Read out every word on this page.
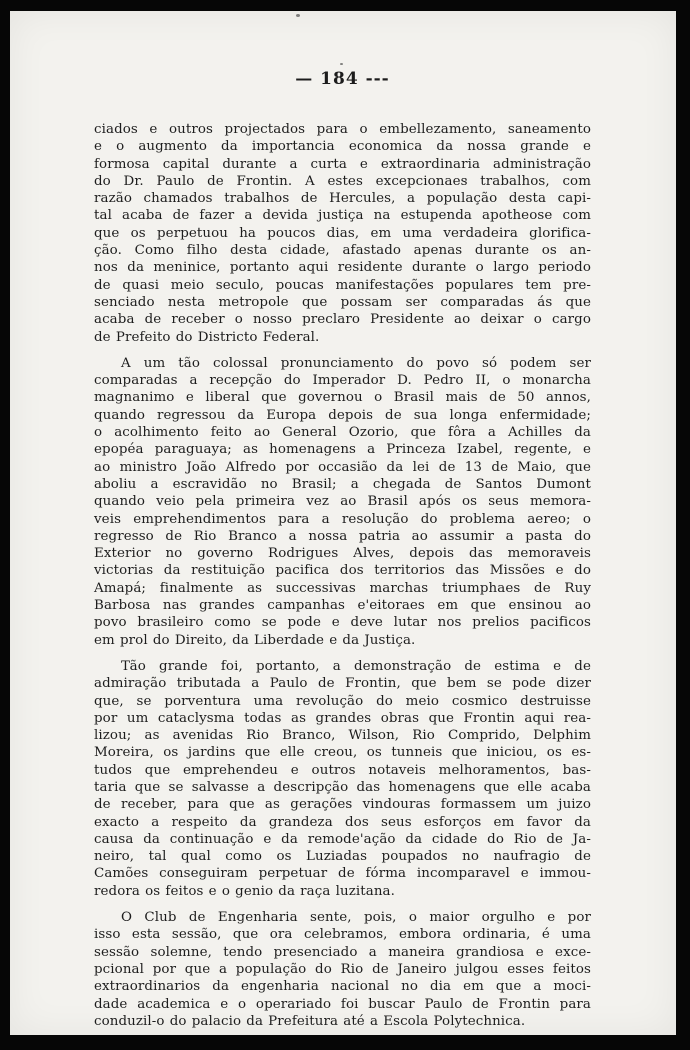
— 184 ---
ciados e outros projectados para o embellezamento, saneamento
e o augmento da importancia economica da nossa grande e
formosa capital durante a curta e extraordinaria administração
do Dr. Paulo de Frontin. A estes excepcionaes trabalhos, com
razão chamados trabalhos de Hercules, a população desta capi-
tal acaba de fazer a devida justiça na estupenda apotheose com
que os perpetuou ha poucos dias, em uma verdadeira glorifica-
ção. Como filho desta cidade, afastado apenas durante os an-
nos da meninice, portanto aqui residente durante o largo periodo
de quasi meio seculo, poucas manifestações populares tem pre-
senciado nesta metropole que possam ser comparadas ás que
acaba de receber o nosso preclaro Presidente ao deixar o cargo
de Prefeito do Districto Federal.
A um tão colossal pronunciamento do povo só podem ser
comparadas a recepção do Imperador D. Pedro II, o monarcha
magnanimo e liberal que governou o Brasil mais de 50 annos,
quando regressou da Europa depois de sua longa enfermidade;
o acolhimento feito ao General Ozorio, que fôra a Achilles da
epopéa paraguaya; as homenagens a Princeza Izabel, regente, e
ao ministro João Alfredo por occasião da lei de 13 de Maio, que
aboliu a escravidão no Brasil; a chegada de Santos Dumont
quando veio pela primeira vez ao Brasil após os seus memora-
veis emprehendimentos para a resolução do problema aereo; o
regresso de Rio Branco a nossa patria ao assumir a pasta do
Exterior no governo Rodrigues Alves, depois das memoraveis
victorias da restituição pacifica dos territorios das Missões e do
Amapá; finalmente as successivas marchas triumphaes de Ruy
Barbosa nas grandes campanhas e'eitoraes em que ensinou ao
povo brasileiro como se pode e deve lutar nos prelios pacificos
em prol do Direito, da Liberdade e da Justiça.
Tão grande foi, portanto, a demonstração de estima e de
admiração tributada a Paulo de Frontin, que bem se pode dizer
que, se porventura uma revolução do meio cosmico destruisse
por um cataclysma todas as grandes obras que Frontin aqui rea-
lizou; as avenidas Rio Branco, Wilson, Rio Comprido, Delphim
Moreira, os jardins que elle creou, os tunneis que iniciou, os es-
tudos que emprehendeu e outros notaveis melhoramentos, bas-
taria que se salvasse a descripção das homenagens que elle acaba
de receber, para que as gerações vindouras formassem um juizo
exacto a respeito da grandeza dos seus esforços em favor da
causa da continuação e da remode'ação da cidade do Rio de Ja-
neiro, tal qual como os Luziadas poupados no naufragio de
Camões conseguiram perpetuar de fórma incomparavel e immou-
redora os feitos e o genio da raça luzitana.
O Club de Engenharia sente, pois, o maior orgulho e por
isso esta sessão, que ora celebramos, embora ordinaria, é uma
sessão solemne, tendo presenciado a maneira grandiosa e exce-
pcional por que a população do Rio de Janeiro julgou esses feitos
extraordinarios da engenharia nacional no dia em que a moci-
dade academica e o operariado foi buscar Paulo de Frontin para
conduzil-o do palacio da Prefeitura até a Escola Polytechnica.
